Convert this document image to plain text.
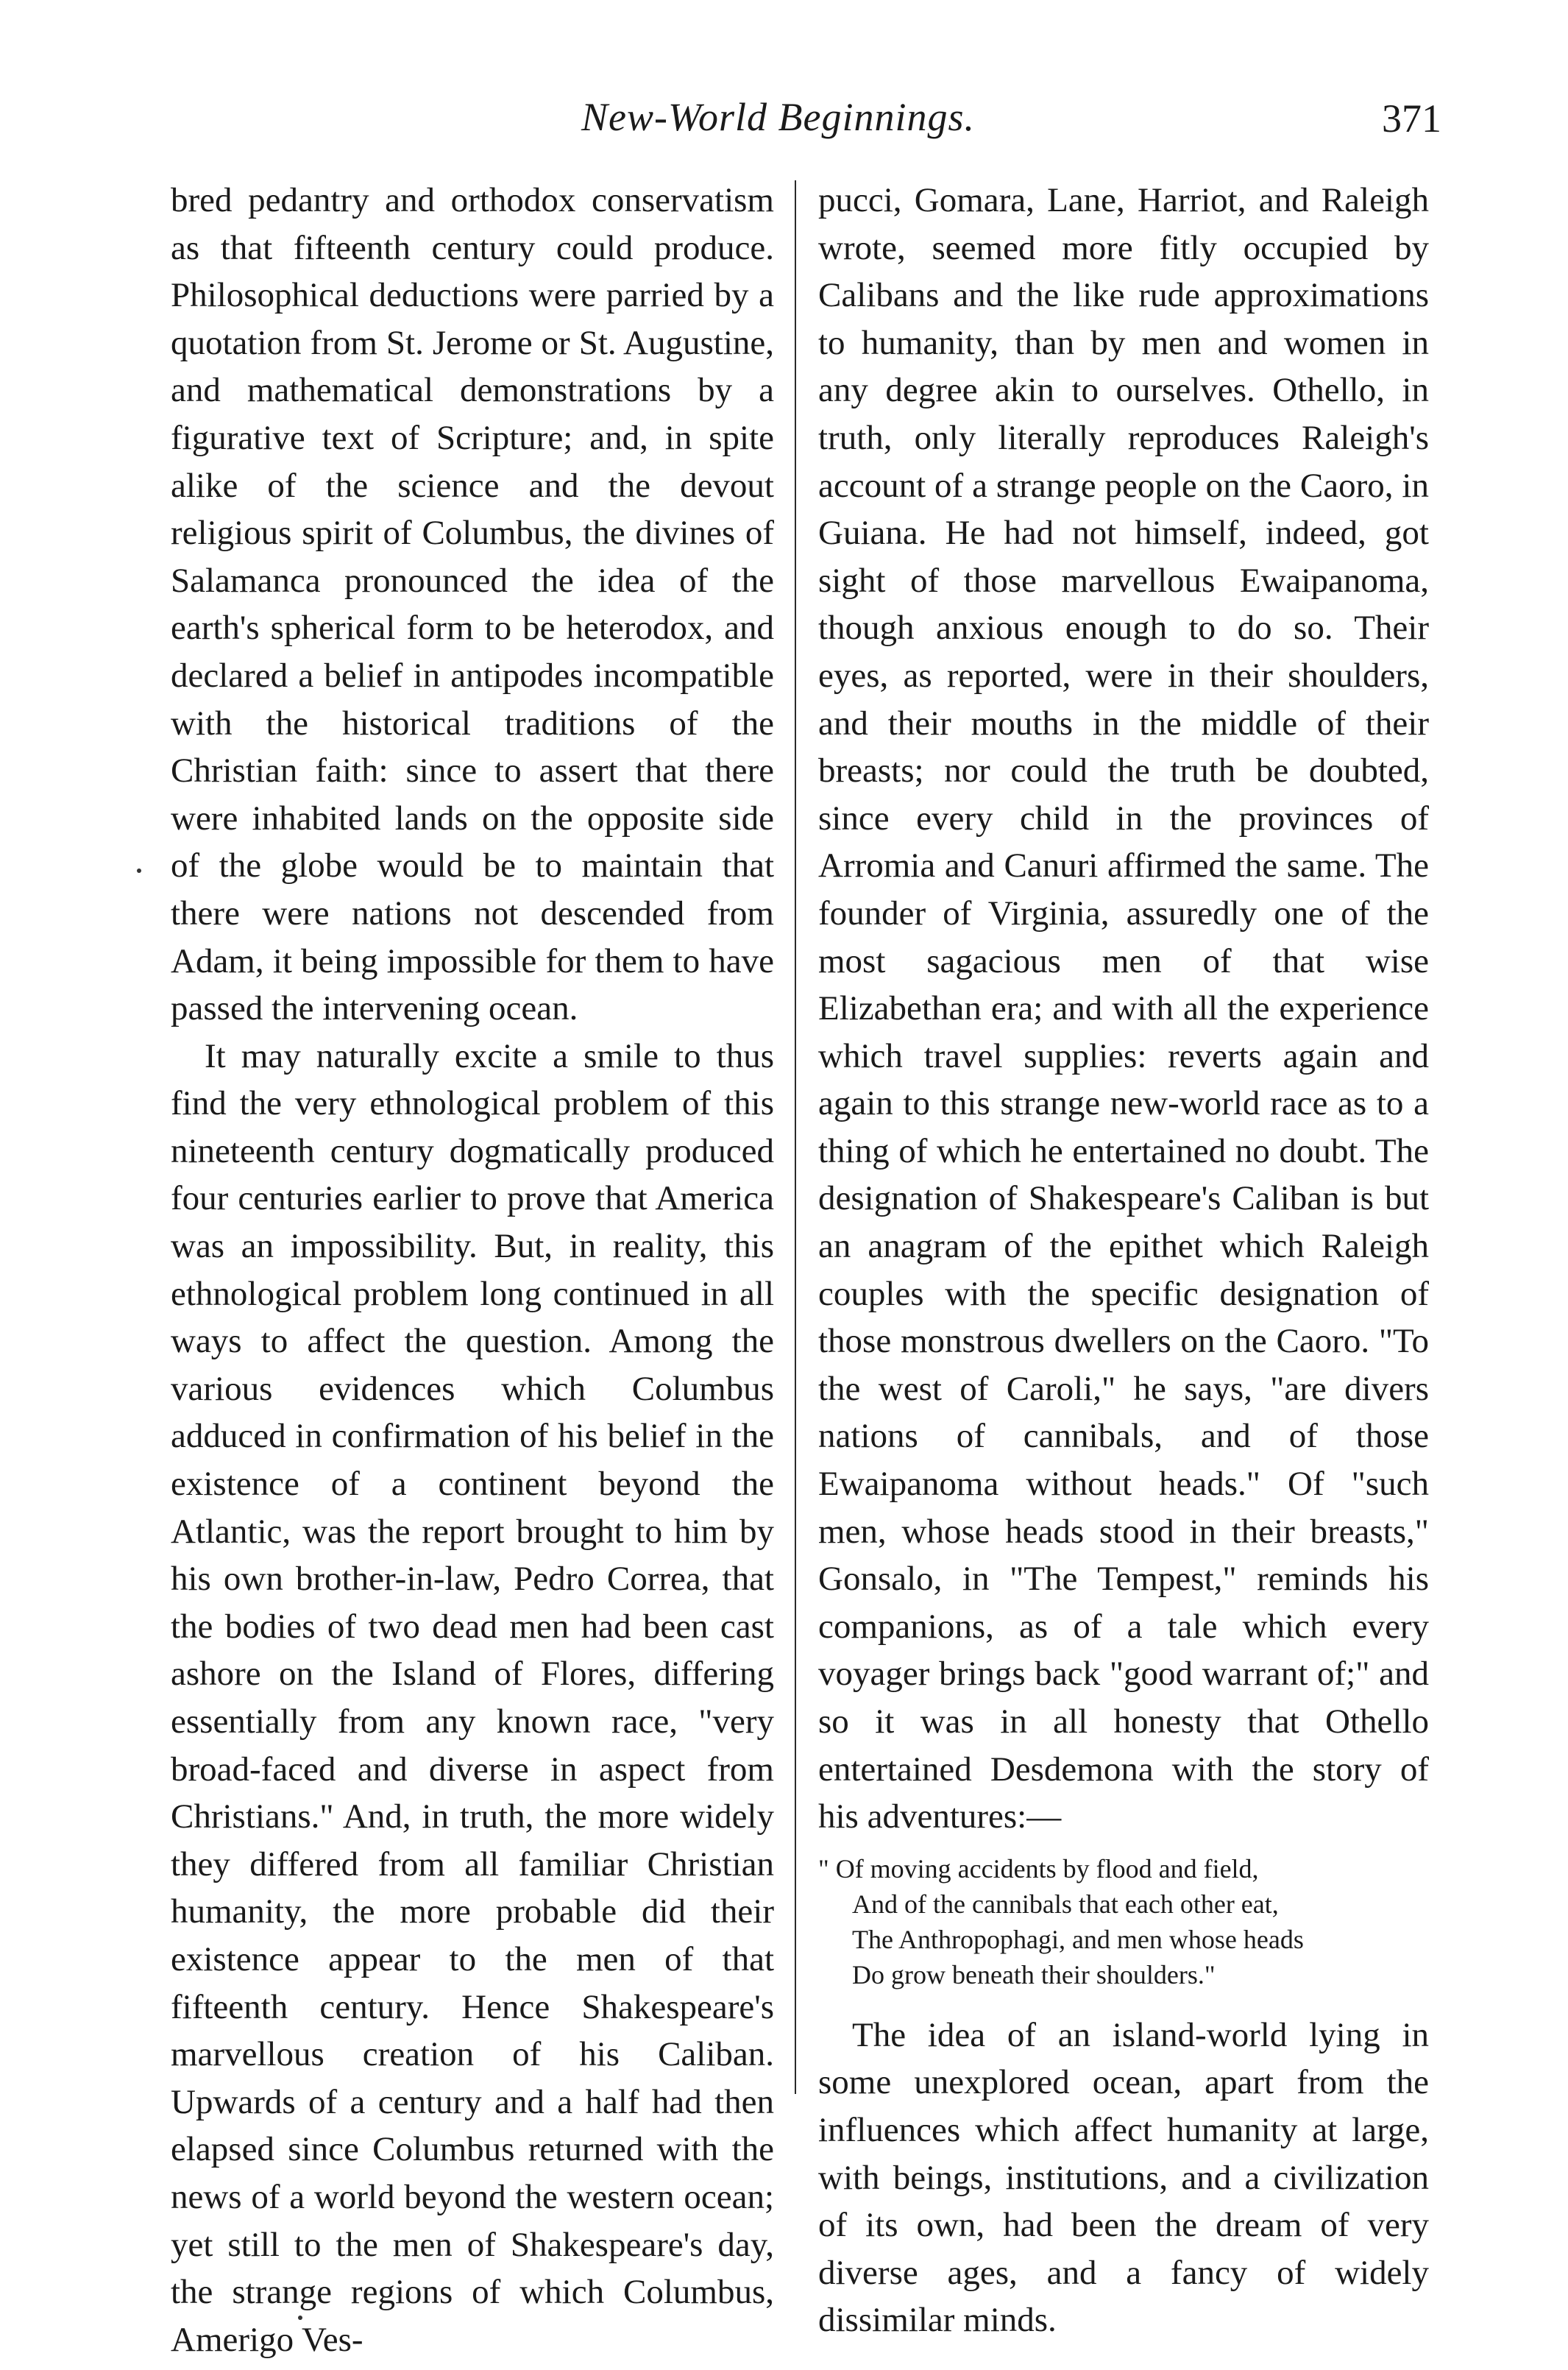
New-World Beginnings.	371

bred pedantry and orthodox conservatism as that fifteenth century could produce. Philosophical deductions were parried by a quotation from St. Jerome or St. Augustine, and mathematical demonstrations by a figurative text of Scripture; and, in spite alike of the science and the devout religious spirit of Columbus, the divines of Salamanca pronounced the idea of the earth's spherical form to be heterodox, and declared a belief in antipodes incompatible with the historical traditions of the Christian faith: since to assert that there were inhabited lands on the opposite side of the globe would be to maintain that there were nations not descended from Adam, it being impossible for them to have passed the intervening ocean.

It may naturally excite a smile to thus find the very ethnological problem of this nineteenth century dogmatically produced four centuries earlier to prove that America was an impossibility. But, in reality, this ethnological problem long continued in all ways to affect the question. Among the various evidences which Columbus adduced in confirmation of his belief in the existence of a continent beyond the Atlantic, was the report brought to him by his own brother-in-law, Pedro Correa, that the bodies of two dead men had been cast ashore on the Island of Flores, differing essentially from any known race, "very broad-faced and diverse in aspect from Christians." And, in truth, the more widely they differed from all familiar Christian humanity, the more probable did their existence appear to the men of that fifteenth century. Hence Shakespeare's marvellous creation of his Caliban. Upwards of a century and a half had then elapsed since Columbus returned with the news of a world beyond the western ocean; yet still to the men of Shakespeare's day, the strange regions of which Columbus, Amerigo Ves-

pucci, Gomara, Lane, Harriot, and Raleigh wrote, seemed more fitly occupied by Calibans and the like rude approximations to humanity, than by men and women in any degree akin to ourselves. Othello, in truth, only literally reproduces Raleigh's account of a strange people on the Caoro, in Guiana. He had not himself, indeed, got sight of those marvellous Ewaipanoma, though anxious enough to do so. Their eyes, as reported, were in their shoulders, and their mouths in the middle of their breasts; nor could the truth be doubted, since every child in the provinces of Arromia and Canuri affirmed the same. The founder of Virginia, assuredly one of the most sagacious men of that wise Elizabethan era; and with all the experience which travel supplies: reverts again and again to this strange new-world race as to a thing of which he entertained no doubt. The designation of Shakespeare's Caliban is but an anagram of the epithet which Raleigh couples with the specific designation of those monstrous dwellers on the Caoro. "To the west of Caroli," he says, "are divers nations of cannibals, and of those Ewaipanoma without heads." Of "such men, whose heads stood in their breasts," Gonsalo, in "The Tempest," reminds his companions, as of a tale which every voyager brings back "good warrant of;" and so it was in all honesty that Othello entertained Desdemona with the story of his adventures:—

" Of moving accidents by flood and field,
And of the cannibals that each other eat,
The Anthropophagi, and men whose heads
Do grow beneath their shoulders."

The idea of an island-world lying in some unexplored ocean, apart from the influences which affect humanity at large, with beings, institutions, and a civilization of its own, had been the dream of very diverse ages, and a fancy of widely dissimilar minds.
